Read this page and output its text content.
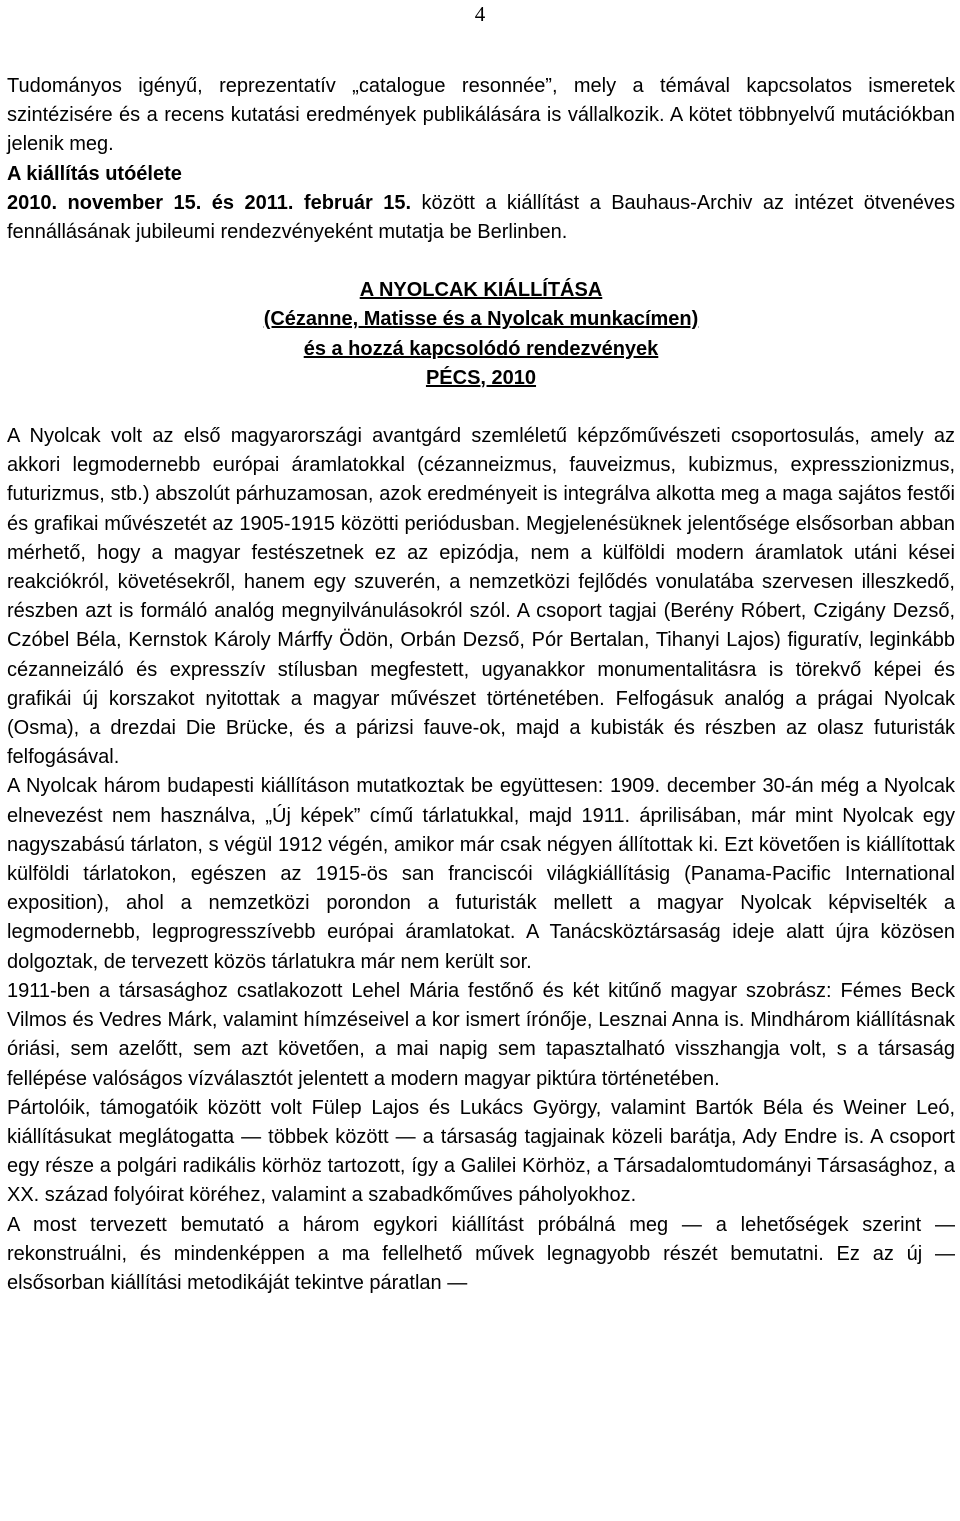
4

Tudományos igényű, reprezentatív „catalogue resonnée”, mely a témával kapcsolatos ismeretek szintézisére és a recens kutatási eredmények publikálására is vállalkozik. A kötet többnyelvű mutációkban jelenik meg.

A kiállítás utóélete

2010. november 15. és 2011. február 15. között a kiállítást a Bauhaus-Archiv az intézet ötvenéves fennállásának jubileumi rendezvényeként mutatja be Berlinben.

A NYOLCAK KIÁLLÍTÁSA

(Cézanne, Matisse és a Nyolcak munkacímen)

és a hozzá kapcsolódó rendezvények

PÉCS, 2010

A Nyolcak volt az első magyarországi avantgárd szemléletű képzőművészeti csoportosulás, amely az akkori legmodernebb európai áramlatokkal (cézanneizmus, fauveizmus, kubizmus, expresszionizmus, futurizmus, stb.) abszolút párhuzamosan, azok eredményeit is integrálva alkotta meg a maga sajátos festői és grafikai művészetét az 1905-1915 közötti periódusban. Megjelenésüknek jelentősége elsősorban abban mérhető, hogy a magyar festészetnek ez az epizódja, nem a külföldi modern áramlatok utáni kései reakciókról, követésekről, hanem egy szuverén, a nemzetközi fejlődés vonulatába szervesen illeszkedő, részben azt is formáló analóg megnyilvánulásokról szól. A csoport tagjai (Berény Róbert, Czigány Dezső, Czóbel Béla, Kernstok Károly Márffy Ödön, Orbán Dezső, Pór Bertalan, Tihanyi Lajos) figuratív, leginkább cézanneizáló és expresszív stílusban megfestett, ugyanakkor monumentalitásra is törekvő képei és grafikái új korszakot nyitottak a magyar művészet történetében. Felfogásuk analóg a prágai Nyolcak (Osma), a drezdai Die Brücke, és a párizsi fauve-ok, majd a kubisták és részben az olasz futuristák felfogásával.

A Nyolcak három budapesti kiállításon mutatkoztak be együttesen: 1909. december 30-án még a Nyolcak elnevezést nem használva, „Új képek” című tárlatukkal, majd 1911. áprilisában, már mint Nyolcak egy nagyszabású tárlaton, s végül 1912 végén, amikor már csak négyen állítottak ki. Ezt követően is kiállítottak külföldi tárlatokon, egészen az 1915-ös san franciscói világkiállításig (Panama-Pacific International exposition), ahol a nemzetközi porondon a futuristák mellett a magyar Nyolcak képviselték a legmodernebb, legprogresszívebb európai áramlatokat. A Tanácsköztársaság ideje alatt újra közösen dolgoztak, de tervezett közös tárlatukra már nem került sor.

1911-ben a társasághoz csatlakozott Lehel Mária festőnő és két kitűnő magyar szobrász: Fémes Beck Vilmos és Vedres Márk, valamint hímzéseivel a kor ismert írónője, Lesznai Anna is. Mindhárom kiállításnak óriási, sem azelőtt, sem azt követően, a mai napig sem tapasztalható visszhangja volt, s a társaság fellépése valóságos vízválasztót jelentett a modern magyar piktúra történetében.

Pártolóik, támogatóik között volt Fülep Lajos és Lukács György, valamint Bartók Béla és Weiner Leó, kiállításukat meglátogatta — többek között — a társaság tagjainak közeli barátja, Ady Endre is. A csoport egy része a polgári radikális körhöz tartozott, így a Galilei Körhöz, a Társadalomtudományi Társasághoz, a XX. század folyóirat köréhez, valamint a szabadkőműves páholyokhoz.

A most tervezett bemutató a három egykori kiállítást próbálná meg — a lehetőségek szerint — rekonstruálni, és mindenképpen a ma fellelhető művek legnagyobb részét bemutatni. Ez az új — elsősorban kiállítási metodikáját tekintve páratlan —
